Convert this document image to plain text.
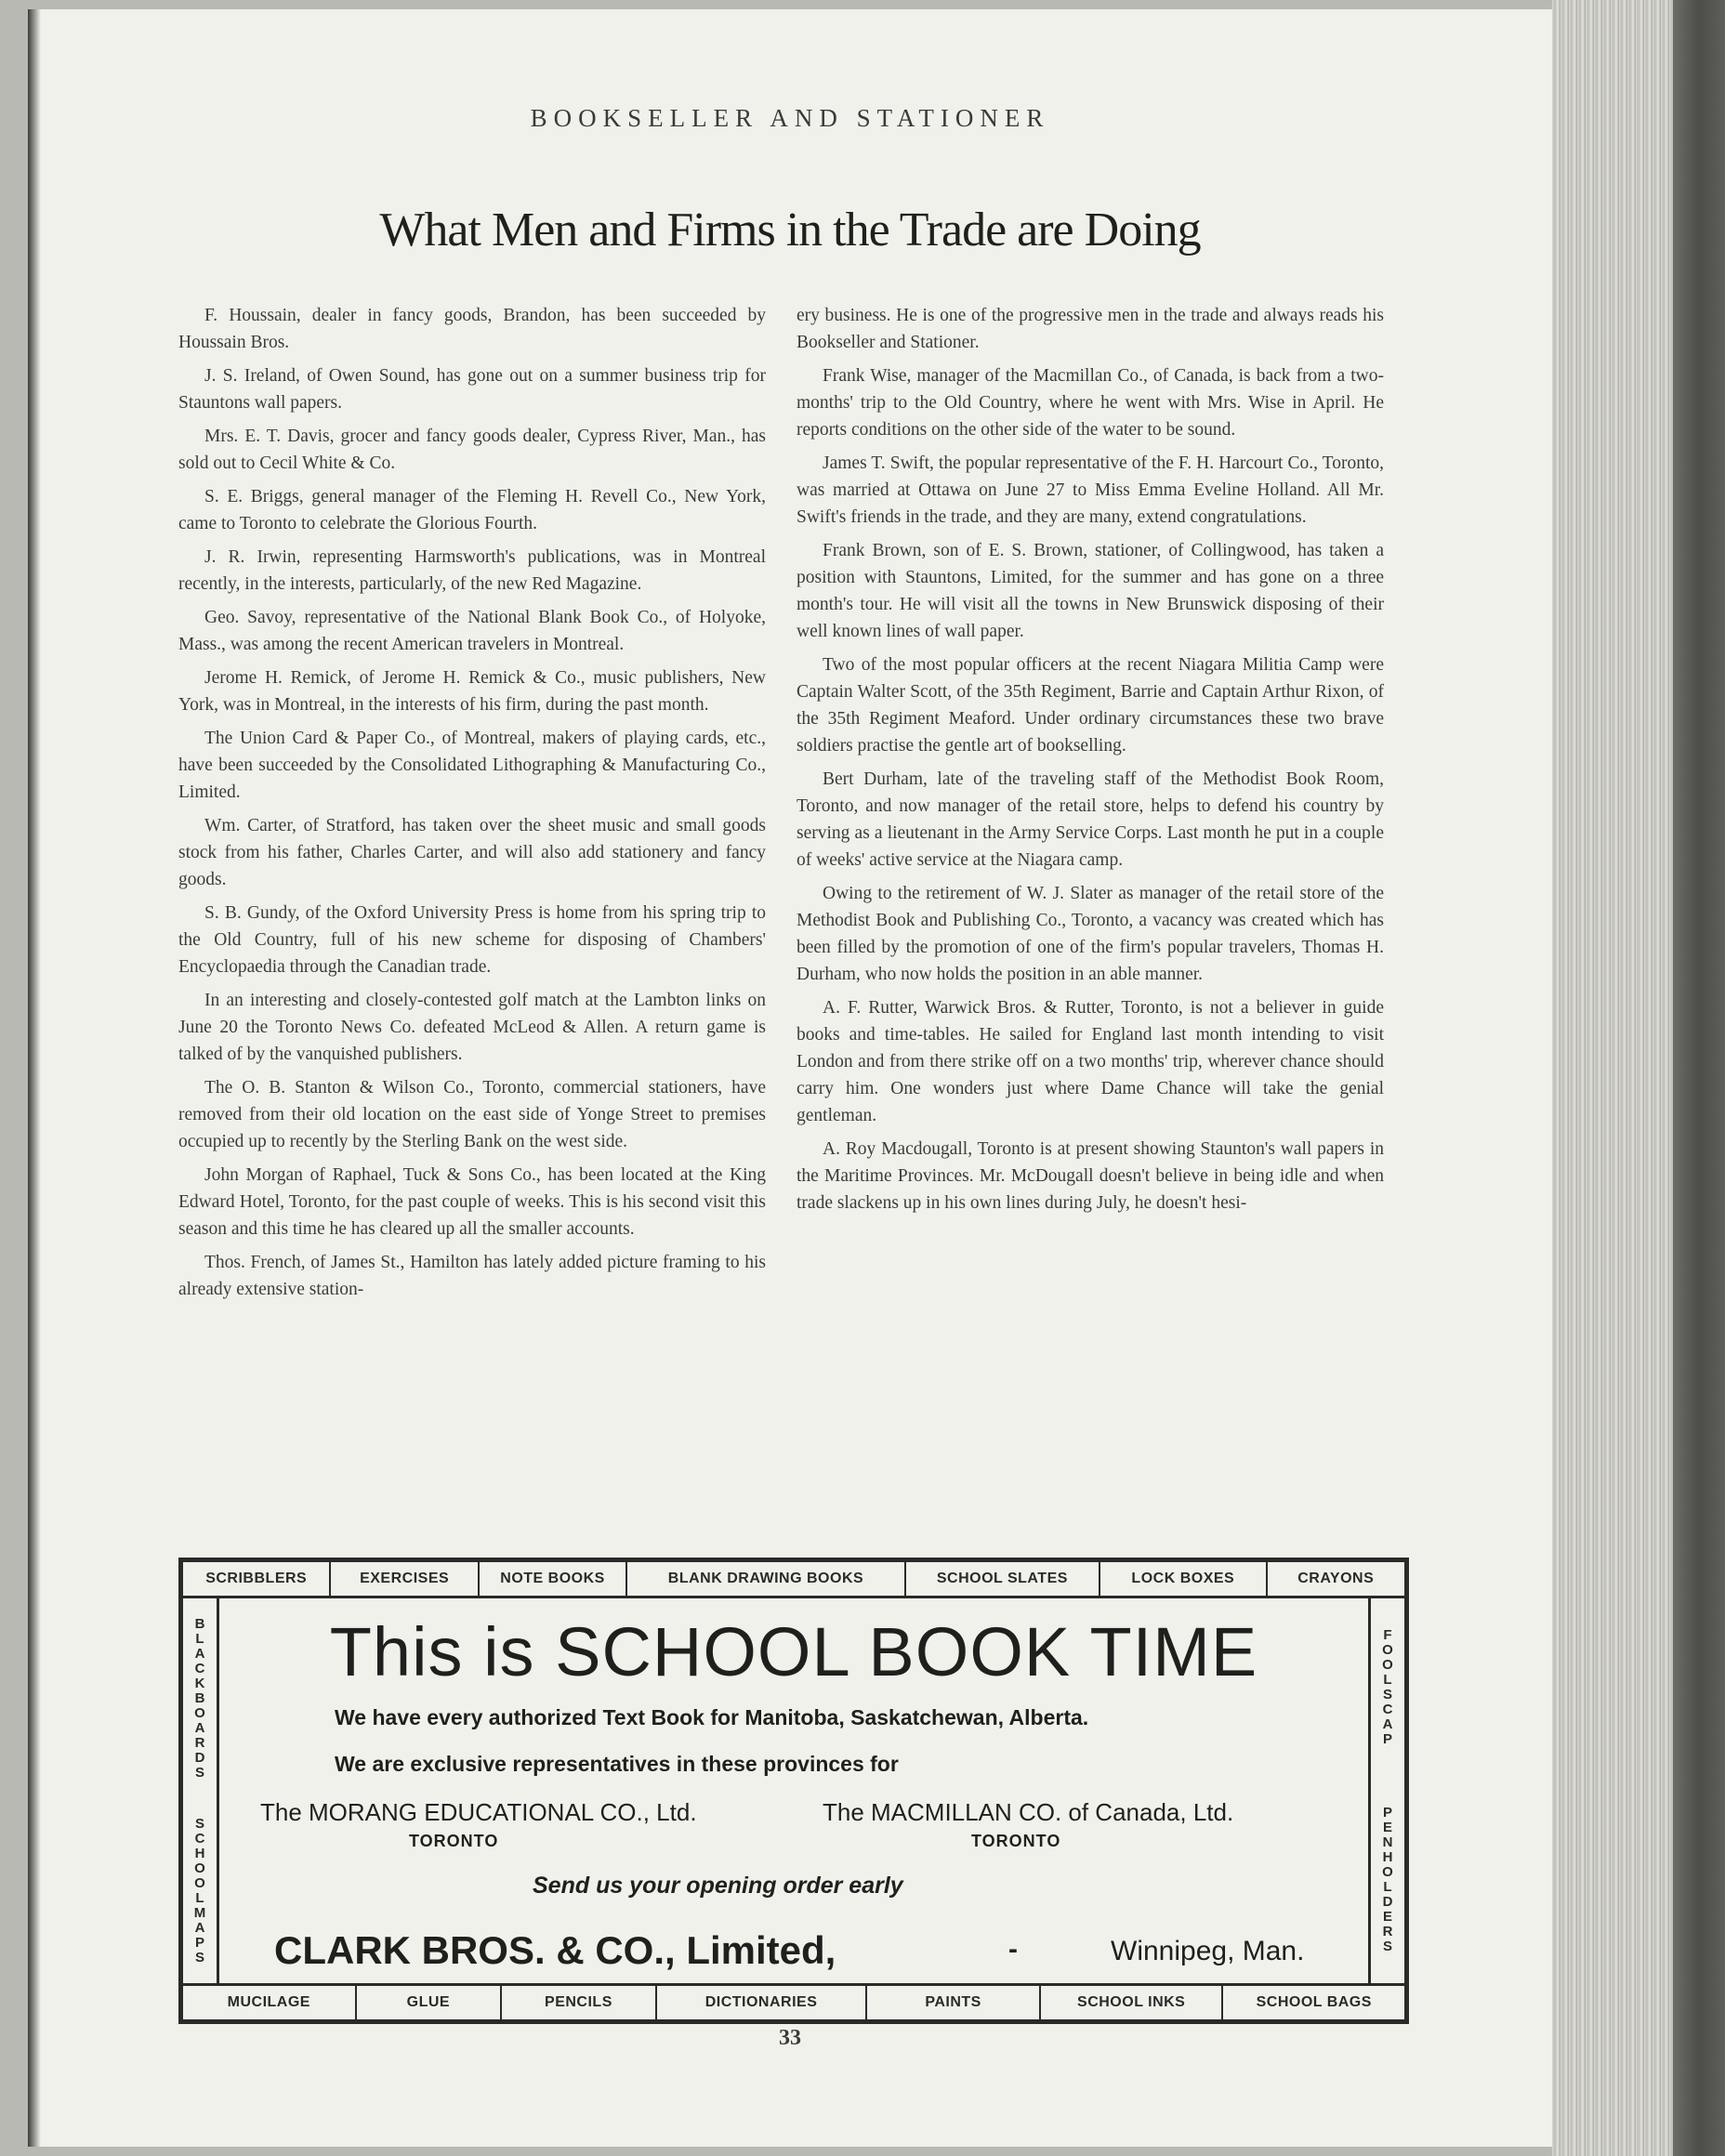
BOOKSELLER AND STATIONER
What Men and Firms in the Trade are Doing

F. Houssain, dealer in fancy goods, Brandon, has been succeeded by Houssain Bros.

J. S. Ireland, of Owen Sound, has gone out on a summer business trip for Stauntons wall papers.

Mrs. E. T. Davis, grocer and fancy goods dealer, Cypress River, Man., has sold out to Cecil White & Co.

S. E. Briggs, general manager of the Fleming H. Revell Co., New York, came to Toronto to celebrate the Glorious Fourth.

J. R. Irwin, representing Harmsworth's publications, was in Montreal recently, in the interests, particularly, of the new Red Magazine.

Geo. Savoy, representative of the National Blank Book Co., of Holyoke, Mass., was among the recent American travelers in Montreal.

Jerome H. Remick, of Jerome H. Remick & Co., music publishers, New York, was in Montreal, in the interests of his firm, during the past month.

The Union Card & Paper Co., of Montreal, makers of playing cards, etc., have been succeeded by the Consolidated Lithographing & Manufacturing Co., Limited.

Wm. Carter, of Stratford, has taken over the sheet music and small goods stock from his father, Charles Carter, and will also add stationery and fancy goods.

S. B. Gundy, of the Oxford University Press is home from his spring trip to the Old Country, full of his new scheme for disposing of Chambers' Encyclopaedia through the Canadian trade.

In an interesting and closely-contested golf match at the Lambton links on June 20 the Toronto News Co. defeated McLeod & Allen. A return game is talked of by the vanquished publishers.

The O. B. Stanton & Wilson Co., Toronto, commercial stationers, have removed from their old location on the east side of Yonge Street to premises occupied up to recently by the Sterling Bank on the west side.

John Morgan of Raphael, Tuck & Sons Co., has been located at the King Edward Hotel, Toronto, for the past couple of weeks. This is his second visit this season and this time he has cleared up all the smaller accounts.

Thos. French, of James St., Hamilton has lately added picture framing to his already extensive station-

ery business. He is one of the progressive men in the trade and always reads his Bookseller and Stationer.

Frank Wise, manager of the Macmillan Co., of Canada, is back from a two-months' trip to the Old Country, where he went with Mrs. Wise in April. He reports conditions on the other side of the water to be sound.

James T. Swift, the popular representative of the F. H. Harcourt Co., Toronto, was married at Ottawa on June 27 to Miss Emma Eveline Holland. All Mr. Swift's friends in the trade, and they are many, extend congratulations.

Frank Brown, son of E. S. Brown, stationer, of Collingwood, has taken a position with Stauntons, Limited, for the summer and has gone on a three month's tour. He will visit all the towns in New Brunswick disposing of their well known lines of wall paper.

Two of the most popular officers at the recent Niagara Militia Camp were Captain Walter Scott, of the 35th Regiment, Barrie and Captain Arthur Rixon, of the 35th Regiment Meaford. Under ordinary circumstances these two brave soldiers practise the gentle art of bookselling.

Bert Durham, late of the traveling staff of the Methodist Book Room, Toronto, and now manager of the retail store, helps to defend his country by serving as a lieutenant in the Army Service Corps. Last month he put in a couple of weeks' active service at the Niagara camp.

Owing to the retirement of W. J. Slater as manager of the retail store of the Methodist Book and Publishing Co., Toronto, a vacancy was created which has been filled by the promotion of one of the firm's popular travelers, Thomas H. Durham, who now holds the position in an able manner.

A. F. Rutter, Warwick Bros. & Rutter, Toronto, is not a believer in guide books and time-tables. He sailed for England last month intending to visit London and from there strike off on a two months' trip, wherever chance should carry him. One wonders just where Dame Chance will take the genial gentleman.

A. Roy Macdougall, Toronto is at present showing Staunton's wall papers in the Maritime Provinces. Mr. McDougall doesn't believe in being idle and when trade slackens up in his own lines during July, he doesn't hesi-

SCRIBBLERS	EXERCISES	NOTE BOOKS	BLANK DRAWING BOOKS	SCHOOL SLATES	LOCK BOXES	CRAYONS
BLACKBOARDS
SCHOOL MAPS
FOOLSCAP
PENHOLDERS
This is SCHOOL BOOK TIME
We have every authorized Text Book for Manitoba, Saskatchewan, Alberta.
We are exclusive representatives in these provinces for
The MORANG EDUCATIONAL CO., Ltd.
TORONTO
The MACMILLAN CO. of Canada, Ltd.
TORONTO
Send us your opening order early
CLARK BROS. & CO., Limited,	-	Winnipeg, Man.
MUCILAGE	GLUE	PENCILS	DICTIONARIES	PAINTS	SCHOOL INKS	SCHOOL BAGS
33
